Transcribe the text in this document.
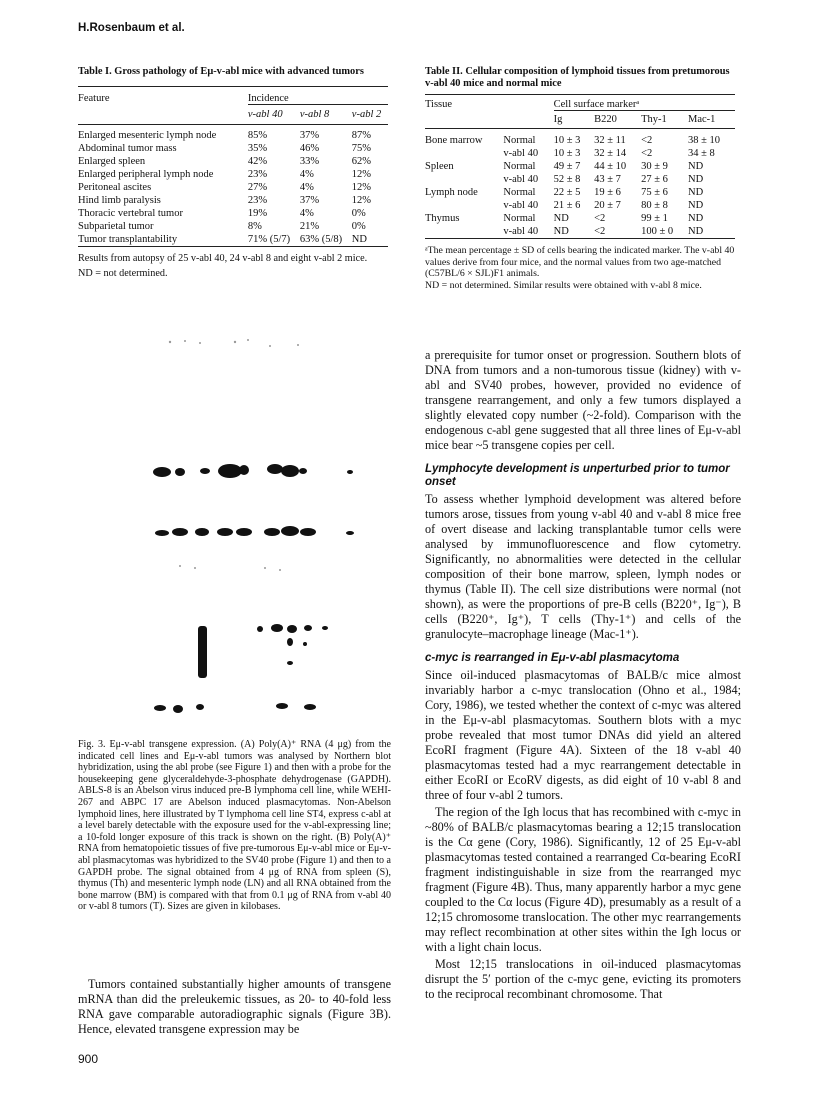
H.Rosenbaum et al.
Table I. Gross pathology of Eμ-v-abl mice with advanced tumors
Feature	Incidence		
	v-abl 40	v-abl 8	v-abl 2
Enlarged mesenteric lymph node	85%	37%	87%
Abdominal tumor mass	35%	46%	75%
Enlarged spleen	42%	33%	62%
Enlarged peripheral lymph node	23%	4%	12%
Peritoneal ascites	27%	4%	12%
Hind limb paralysis	23%	37%	12%
Thoracic vertebral tumor	19%	4%	0%
Subparietal tumor	8%	21%	0%
Tumor transplantability	71% (5/7)	63% (5/8)	ND
Results from autopsy of 25 v-abl 40, 24 v-abl 8 and eight v-abl 2 mice.
ND = not determined.
Table II. Cellular composition of lymphoid tissues from pretumorous v-abl 40 mice and normal mice
Tissue		Cell surface markerᵃ			
		Ig	B220	Thy-1	Mac-1
Bone marrow	Normal	10 ± 3	32 ± 11	<2	38 ± 10
	v-abl 40	10 ± 3	32 ± 14	<2	34 ± 8
Spleen	Normal	49 ± 7	44 ± 10	30 ± 9	ND
	v-abl 40	52 ± 8	43 ± 7	27 ± 6	ND
Lymph node	Normal	22 ± 5	19 ± 6	75 ± 6	ND
	v-abl 40	21 ± 6	20 ± 7	80 ± 8	ND
Thymus	Normal	ND	<2	99 ± 1	ND
	v-abl 40	ND	<2	100 ± 0	ND
ᵃThe mean percentage ± SD of cells bearing the indicated marker. The v-abl 40 values derive from four mice, and the normal values from two age-matched (C57BL/6 × SJL)F1 animals.
ND = not determined. Similar results were obtained with v-abl 8 mice.
Fig. 3. Eμ-v-abl transgene expression. (A) Poly(A)⁺ RNA (4 μg) from the indicated cell lines and Eμ-v-abl tumors was analysed by Northern blot hybridization, using the abl probe (see Figure 1) and then with a probe for the housekeeping gene glyceraldehyde-3-phosphate dehydrogenase (GAPDH). ABLS-8 is an Abelson virus induced pre-B lymphoma cell line, while WEHI-267 and ABPC 17 are Abelson induced plasmacytomas. Non-Abelson lymphoid lines, here illustrated by T lymphoma cell line ST4, express c-abl at a level barely detectable with the exposure used for the v-abl-expressing line; a 10-fold longer exposure of this track is shown on the right. (B) Poly(A)⁺ RNA from hematopoietic tissues of five pre-tumorous Eμ-v-abl mice or Eμ-v-abl plasmacytomas was hybridized to the SV40 probe (Figure 1) and then to a GAPDH probe. The signal obtained from 4 μg of RNA from spleen (S), thymus (Th) and mesenteric lymph node (LN) and all RNA obtained from the bone marrow (BM) is compared with that from 0.1 μg of RNA from v-abl 40 or v-abl 8 tumors (T). Sizes are given in kilobases.

Tumors contained substantially higher amounts of transgene mRNA than did the preleukemic tissues, as 20- to 40-fold less RNA gave comparable autoradiographic signals (Figure 3B). Hence, elevated transgene expression may be

a prerequisite for tumor onset or progression. Southern blots of DNA from tumors and a non-tumorous tissue (kidney) with v-abl and SV40 probes, however, provided no evidence of transgene rearrangement, and only a few tumors displayed a slightly elevated copy number (~2-fold). Comparison with the endogenous c-abl gene suggested that all three lines of Eμ-v-abl mice bear ~5 transgene copies per cell.

Lymphocyte development is unperturbed prior to tumor onset

To assess whether lymphoid development was altered before tumors arose, tissues from young v-abl 40 and v-abl 8 mice free of overt disease and lacking transplantable tumor cells were analysed by immunofluorescence and flow cytometry. Significantly, no abnormalities were detected in the cellular composition of their bone marrow, spleen, lymph nodes or thymus (Table II). The cell size distributions were normal (not shown), as were the proportions of pre-B cells (B220⁺, Ig⁻), B cells (B220⁺, Ig⁺), T cells (Thy-1⁺) and cells of the granulocyte–macrophage lineage (Mac-1⁺).

c-myc is rearranged in Eμ-v-abl plasmacytoma

Since oil-induced plasmacytomas of BALB/c mice almost invariably harbor a c-myc translocation (Ohno et al., 1984; Cory, 1986), we tested whether the context of c-myc was altered in the Eμ-v-abl plasmacytomas. Southern blots with a myc probe revealed that most tumor DNAs did yield an altered EcoRI fragment (Figure 4A). Sixteen of the 18 v-abl 40 plasmacytomas tested had a myc rearrangement detectable in either EcoRI or EcoRV digests, as did eight of 10 v-abl 8 and three of four v-abl 2 tumors.

The region of the Igh locus that has recombined with c-myc in ~80% of BALB/c plasmacytomas bearing a 12;15 translocation is the Cα gene (Cory, 1986). Significantly, 12 of 25 Eμ-v-abl plasmacytomas tested contained a rearranged Cα-bearing EcoRI fragment indistinguishable in size from the rearranged myc fragment (Figure 4B). Thus, many apparently harbor a myc gene coupled to the Cα locus (Figure 4D), presumably as a result of a 12;15 chromosome translocation. The other myc rearrangements may reflect recombination at other sites within the Igh locus or with a light chain locus.

Most 12;15 translocations in oil-induced plasmacytomas disrupt the 5′ portion of the c-myc gene, evicting its promoters to the reciprocal recombinant chromosome. That

900
